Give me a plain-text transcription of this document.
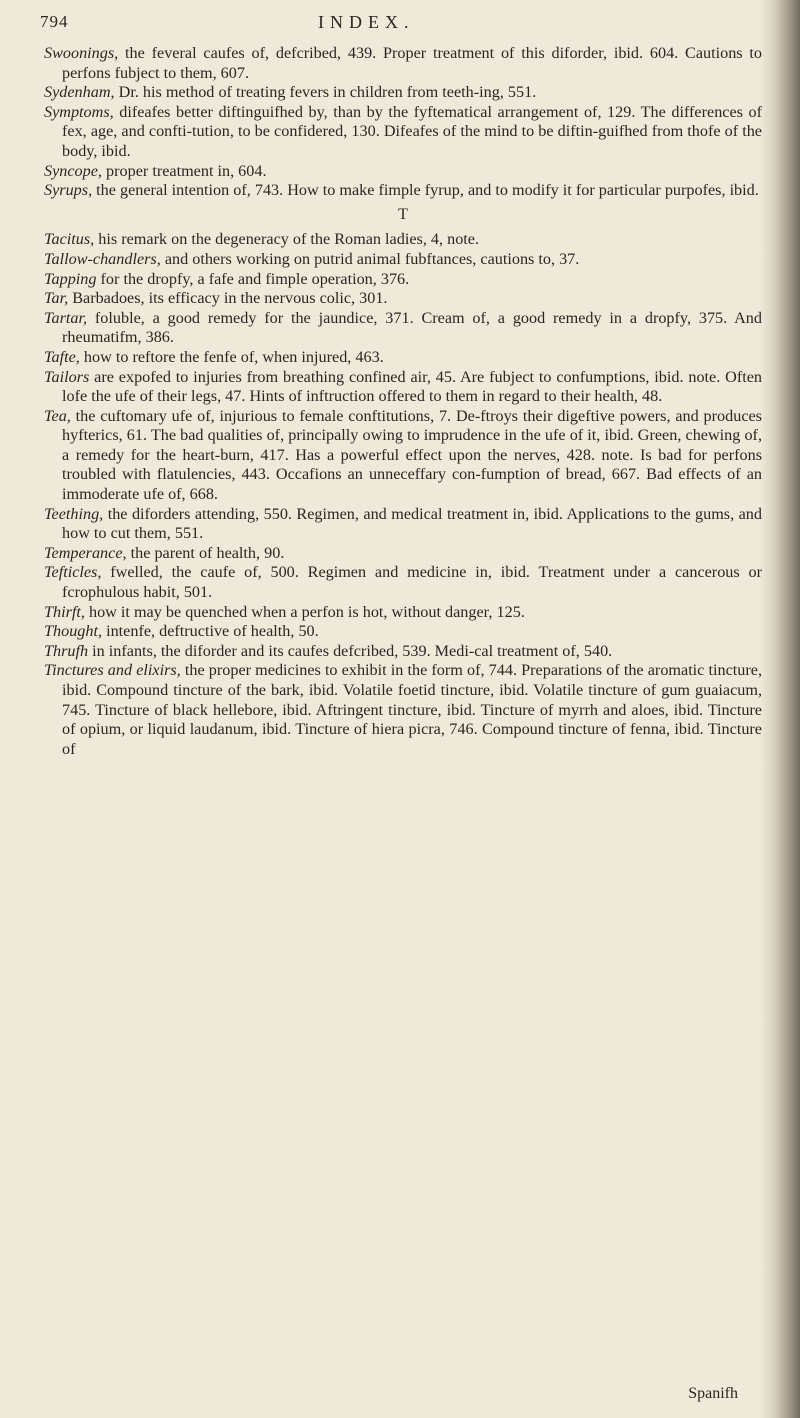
794	INDEX.

Swoonings, the feveral caufes of, defcribed, 439. Proper treatment of this diforder, ibid. 604. Cautions to perfons fubject to them, 607.

Sydenham, Dr. his method of treating fevers in children from teeth-ing, 551.

Symptoms, difeafes better diftinguifhed by, than by the fyftematical arrangement of, 129. The differences of fex, age, and confti-tution, to be confidered, 130. Difeafes of the mind to be diftin-guifhed from thofe of the body, ibid.

Syncope, proper treatment in, 604.

Syrups, the general intention of, 743. How to make fimple fyrup, and to modify it for particular purpofes, ibid.

T

Tacitus, his remark on the degeneracy of the Roman ladies, 4, note.

Tallow-chandlers, and others working on putrid animal fubftances, cautions to, 37.

Tapping for the dropfy, a fafe and fimple operation, 376.

Tar, Barbadoes, its efficacy in the nervous colic, 301.

Tartar, foluble, a good remedy for the jaundice, 371. Cream of, a good remedy in a dropfy, 375. And rheumatifm, 386.

Tafte, how to reftore the fenfe of, when injured, 463.

Tailors are expofed to injuries from breathing confined air, 45. Are fubject to confumptions, ibid. note. Often lofe the ufe of their legs, 47. Hints of inftruction offered to them in regard to their health, 48.

Tea, the cuftomary ufe of, injurious to female conftitutions, 7. De-ftroys their digeftive powers, and produces hyfterics, 61. The bad qualities of, principally owing to imprudence in the ufe of it, ibid. Green, chewing of, a remedy for the heart-burn, 417. Has a powerful effect upon the nerves, 428. note. Is bad for perfons troubled with flatulencies, 443. Occafions an unneceffary con-fumption of bread, 667. Bad effects of an immoderate ufe of, 668.

Teething, the diforders attending, 550. Regimen, and medical treatment in, ibid. Applications to the gums, and how to cut them, 551.

Temperance, the parent of health, 90.

Tefticles, fwelled, the caufe of, 500. Regimen and medicine in, ibid. Treatment under a cancerous or fcrophulous habit, 501.

Thirft, how it may be quenched when a perfon is hot, without danger, 125.

Thought, intenfe, deftructive of health, 50.

Thrufh in infants, the diforder and its caufes defcribed, 539. Medi-cal treatment of, 540.

Tinctures and elixirs, the proper medicines to exhibit in the form of, 744. Preparations of the aromatic tincture, ibid. Compound tincture of the bark, ibid. Volatile foetid tincture, ibid. Volatile tincture of gum guaiacum, 745. Tincture of black hellebore, ibid. Aftringent tincture, ibid. Tincture of myrrh and aloes, ibid. Tincture of opium, or liquid laudanum, ibid. Tincture of hiera picra, 746. Compound tincture of fenna, ibid. Tincture of

Spanifh
